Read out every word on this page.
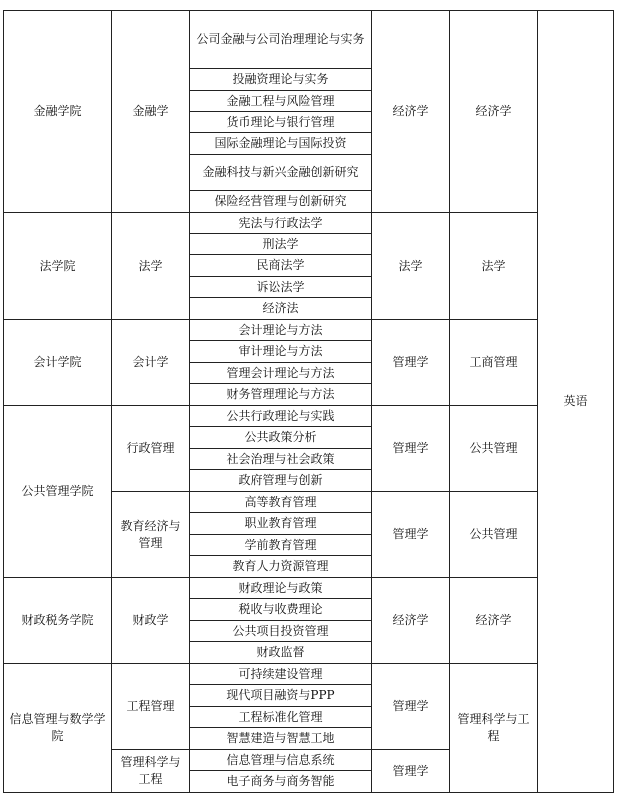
金融学院	金融学	公司金融与公司治理理论与实务	经济学	经济学	英语
		投融资理论与实务			
		金融工程与风险管理			
		货币理论与银行管理			
		国际金融理论与国际投资			
		金融科技与新兴金融创新研究			
		保险经营管理与创新研究			
法学院	法学	宪法与行政法学	法学	法学	
		刑法学			
		民商法学			
		诉讼法学			
		经济法			
会计学院	会计学	会计理论与方法	管理学	工商管理	
		审计理论与方法			
		管理会计理论与方法			
		财务管理理论与方法			
公共管理学院	行政管理	公共行政理论与实践	管理学	公共管理	
		公共政策分析			
		社会治理与社会政策			
		政府管理与创新			
	教育经济与管理	高等教育管理	管理学	公共管理	
		职业教育管理			
		学前教育管理			
		教育人力资源管理			
财政税务学院	财政学	财政理论与政策	经济学	经济学	
		税收与收费理论			
		公共项目投资管理			
		财政监督			
信息管理与数学学院	工程管理	可持续建设管理	管理学	管理科学与工程	
		现代项目融资与PPP			
		工程标准化管理			
		智慧建造与智慧工地			
	管理科学与工程	信息管理与信息系统	管理学		
		电子商务与商务智能			
